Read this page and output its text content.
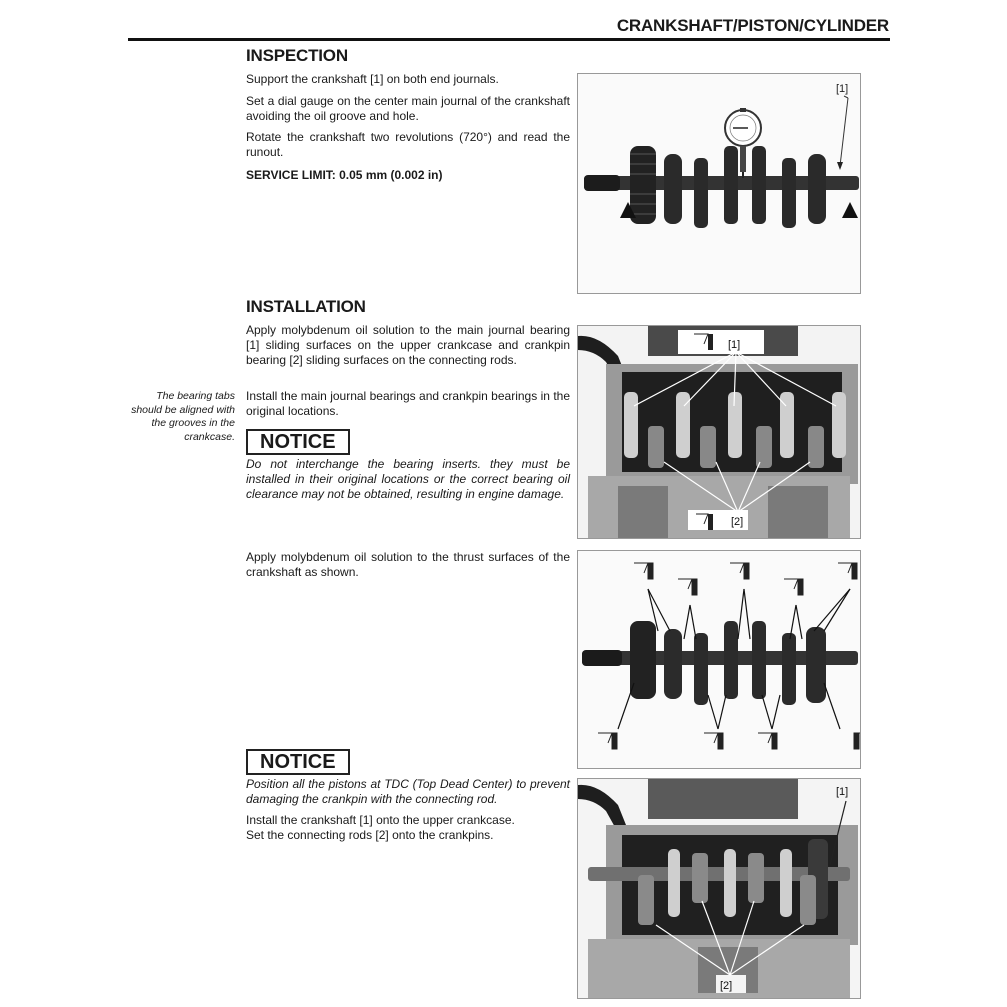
CRANKSHAFT/PISTON/CYLINDER
INSPECTION
Support the crankshaft [1] on both end journals.
Set a dial gauge on the center main journal of the crankshaft avoiding the oil groove and hole.
Rotate the crankshaft two revolutions (720°) and read the runout.
SERVICE LIMIT: 0.05 mm (0.002 in)
[1]
INSTALLATION
Apply molybdenum oil solution to the main journal bearing [1] sliding surfaces on the upper crankcase and crankpin bearing [2] sliding surfaces on the connecting rods.
Install the main journal bearings and crankpin bearings in the original locations.
The bearing tabs should be aligned with the grooves in the crankcase.	NOTICE
Do not interchange the bearing inserts. they must be installed in their original locations or the correct bearing oil clearance may not be obtained, resulting in engine damage.
[1]
[2]
Apply molybdenum oil solution to the thrust surfaces of the crankshaft as shown.
NOTICE
Position all the pistons at TDC (Top Dead Center) to prevent damaging the crankpin with the connecting rod.
Install the crankshaft [1] onto the upper crankcase.
Set the connecting rods [2] onto the crankpins.
[1]
[2]
